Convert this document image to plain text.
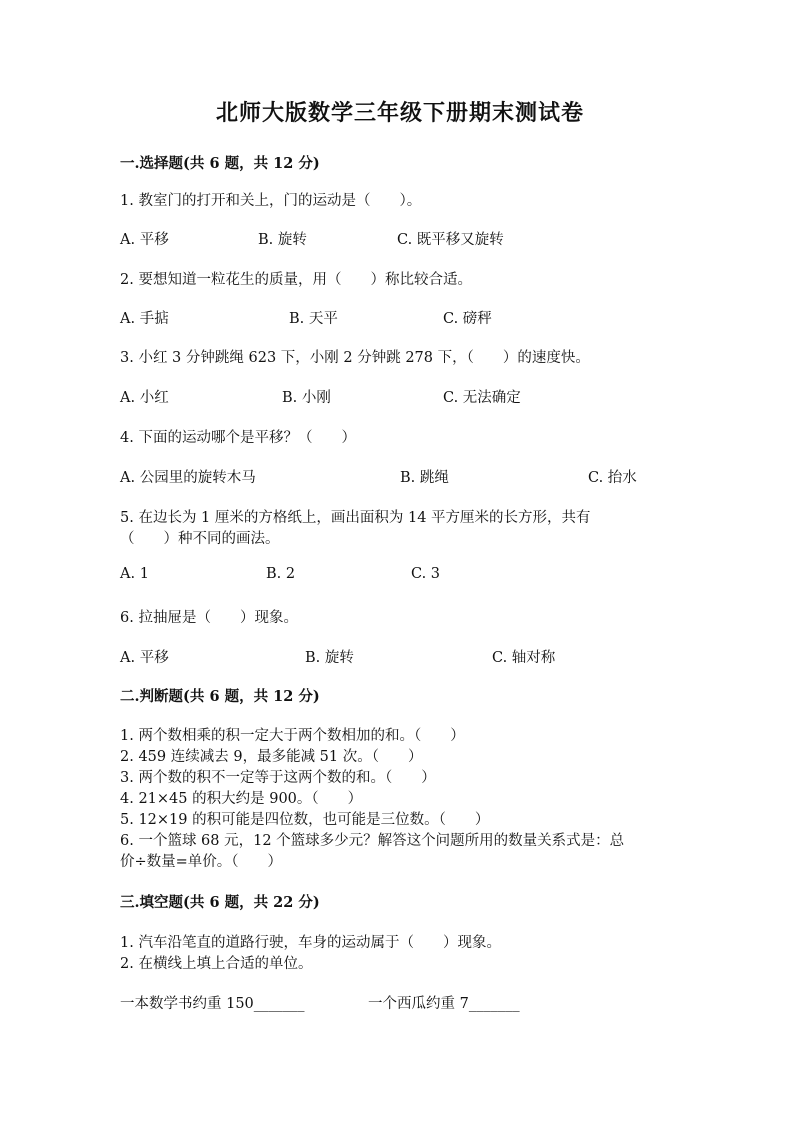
北师大版数学三年级下册期末测试卷
一.选择题(共 6 题，共 12 分)
1. 教室门的打开和关上，门的运动是（　　）。
A. 平移	B. 旋转	C. 既平移又旋转
2. 要想知道一粒花生的质量，用（　　）称比较合适。
A. 手掂	B. 天平	C. 磅秤
3. 小红 3 分钟跳绳 623 下，小刚 2 分钟跳 278 下，（　　）的速度快。
A. 小红	B. 小刚	C. 无法确定
4. 下面的运动哪个是平移？（　　）
A. 公园里的旋转木马	B. 跳绳	C. 抬水
5. 在边长为 1 厘米的方格纸上，画出面积为 14 平方厘米的长方形，共有
（　　）种不同的画法。
A. 1	B. 2	C. 3
6. 拉抽屉是（　　）现象。
A. 平移	B. 旋转	C. 轴对称
二.判断题(共 6 题，共 12 分)
1. 两个数相乘的积一定大于两个数相加的和。（　　）
2. 459 连续减去 9，最多能减 51 次。（　　）
3. 两个数的积不一定等于这两个数的和。（　　）
4. 21×45 的积大约是 900。（　　）
5. 12×19 的积可能是四位数，也可能是三位数。（　　）
6. 一个篮球 68 元，12 个篮球多少元？解答这个问题所用的数量关系式是：总
价÷数量=单价。（　　）
三.填空题(共 6 题，共 22 分)
1. 汽车沿笔直的道路行驶，车身的运动属于（　　）现象。
2. 在横线上填上合适的单位。
一本数学书约重 150_______	一个西瓜约重 7_______
